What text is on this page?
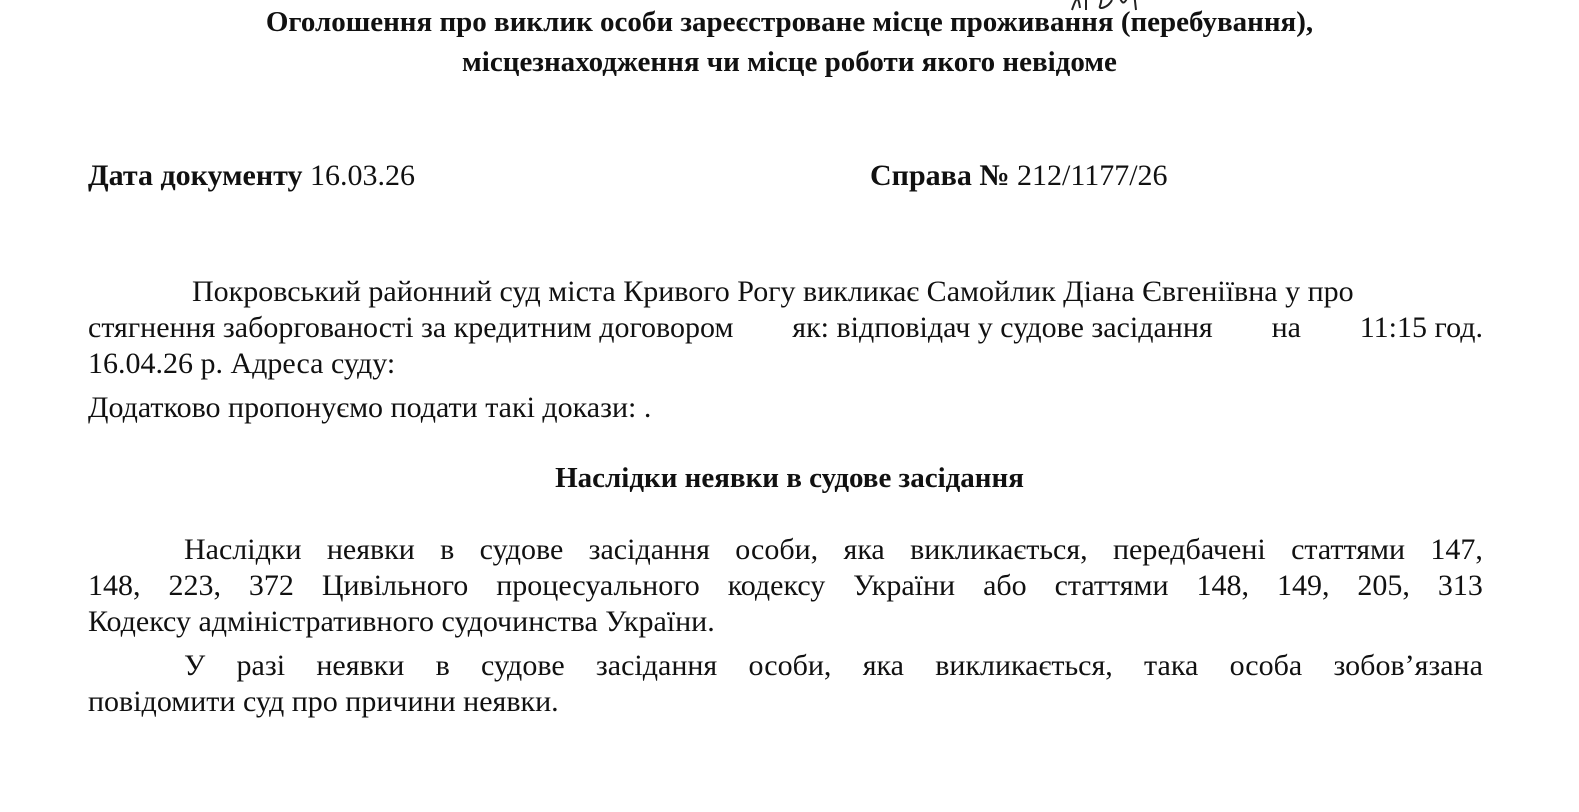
Оголошення про виклик особи зареєстроване місце проживання (перебування),
місцезнаходження чи місце роботи якого невідоме
Дата документу 16.03.26	Справа № 212/1177/26
Покровський районний суд міста Кривого Рогу викликає Самойлик Діана Євгеніївна у про
стягнення заборгованості за кредитним договором як: відповідач у судове засідання на 11:15 год.
16.04.26 р. Адреса суду:
Додатково пропонуємо подати такі докази: .
Наслідки неявки в судове засідання
Наслідки неявки в судове засідання особи, яка викликається, передбачені статтями 147,
148, 223, 372 Цивільного процесуального кодексу України або статтями 148, 149, 205, 313
Кодексу адміністративного судочинства України.
У разі неявки в судове засідання особи, яка викликається, така особа зобов’язана
повідомити суд про причини неявки.
